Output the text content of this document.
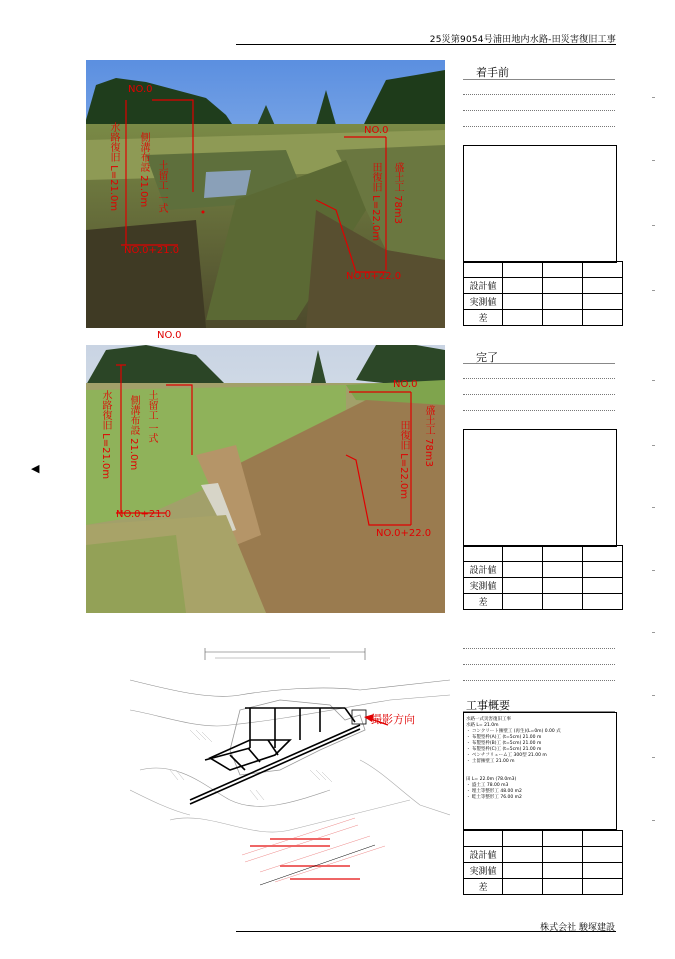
25災第9054号浦田地内水路-田災害復旧工事
◀
NO.0
NO.0
水路復旧 L=21.0m 側溝布設 21.0m 土留工 一式
NO.0+21.0
田復旧 L=22.0m 盛土工 78m3
NO.0+22.0
NO.0
着手前

設計値			
実測値			
差			
NO.0
水路復旧 L=21.0m 側溝布設 21.0m 土留工 一式
NO.0+21.0
田復旧 L=22.0m 盛土工 78m3
NO.0+22.0
完了

設計値			
実測値			
差			
撮影方向
工事概要
水路一式災害復旧工事
水路 L= 21.0m
・ コンクリート擁壁工 (再生)(L=0m) 0.00 式
・ 布製型枠(A)工 (t=5cm) 21.00 m
・ 布製型枠(B)工 (t=5cm) 21.00 m
・ 布製型枠(C)工 (t=5cm) 21.00 m
・ ベンチフリューム工 300型 21.00 m
・ 土留擁壁工 21.00 m
田 L= 22.0m (78.0m3)
・ 盛土工 78.00 m3
・ 埋土等整形工 48.00 m2
・ 畦土等整形工 76.00 m2

設計値			
実測値			
差			
株式会社 駿塚建設
